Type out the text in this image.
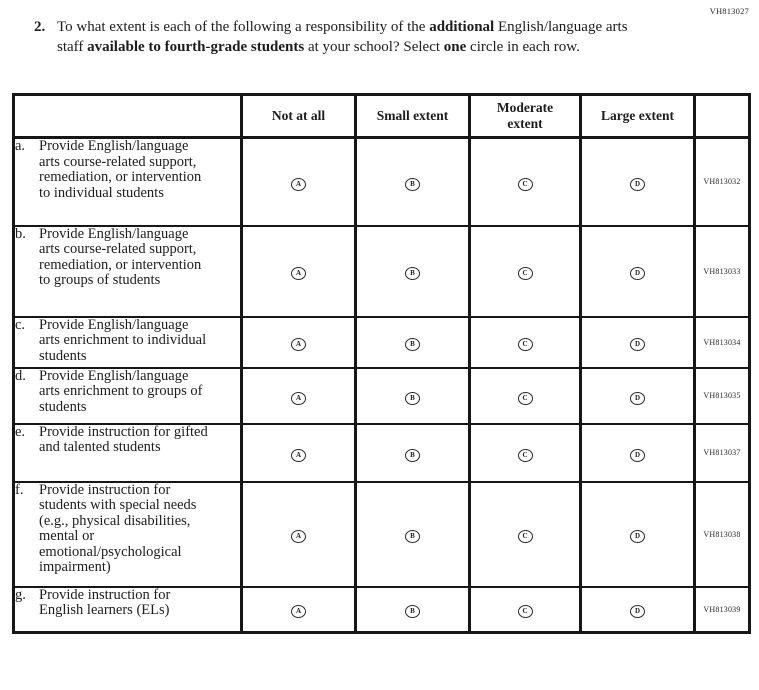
VH813027
2. To what extent is each of the following a responsibility of the additional English/language arts staff available to fourth-grade students at your school? Select one circle in each row.
	Not at all	Small extent	Moderate extent	Large extent	

a. Provide English/language arts course-related support, remediation, or intervention to individual students	A	B	C	D	VH813032

b. Provide English/language arts course-related support, remediation, or intervention to groups of students	A	B	C	D	VH813033

c. Provide English/language arts enrichment to individual students	A	B	C	D	VH813034

d. Provide English/language arts enrichment to groups of students	A	B	C	D	VH813035

e. Provide instruction for gifted and talented students	A	B	C	D	VH813037

f. Provide instruction for students with special needs (e.g., physical disabilities, mental or emotional/psychological impairment)	A	B	C	D	VH813038

g. Provide instruction for English learners (ELs)	A	B	C	D	VH813039
